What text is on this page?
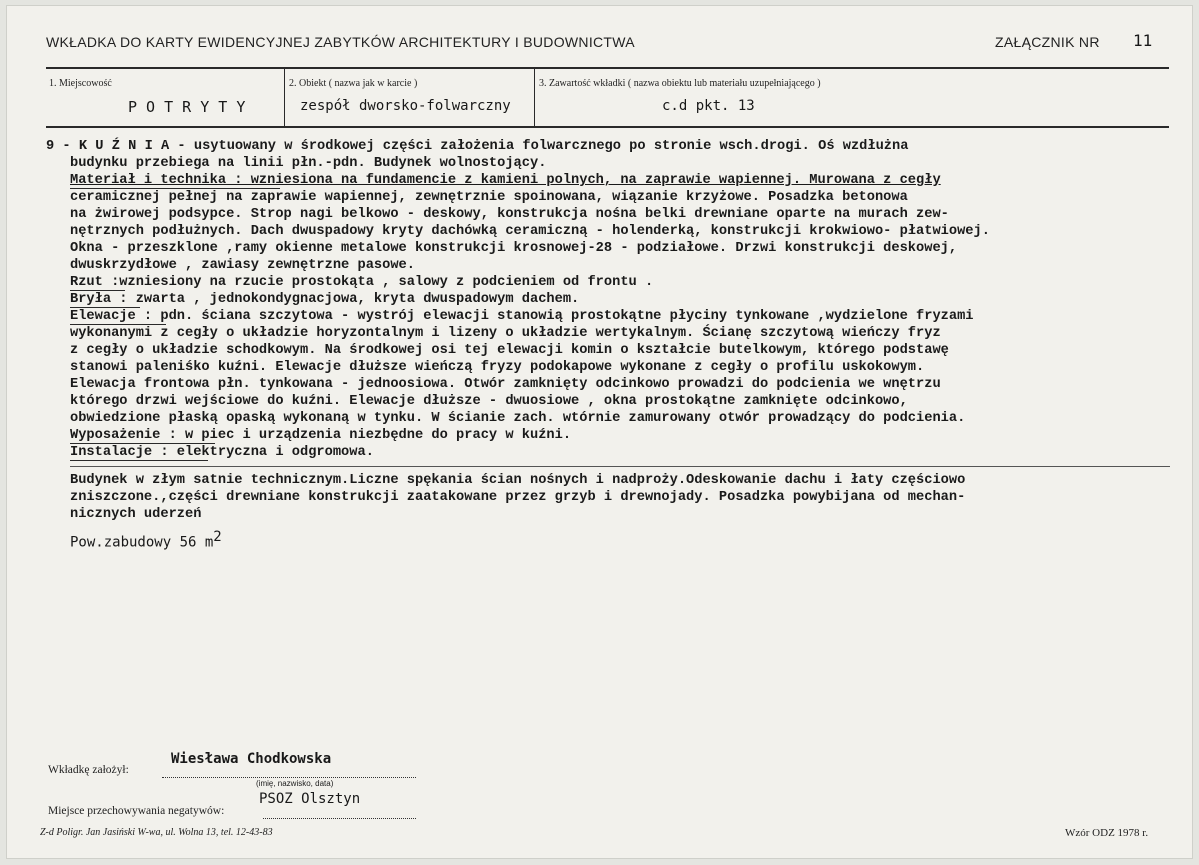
WKŁADKA DO KARTY EWIDENCYJNEJ ZABYTKÓW ARCHITEKTURY I BUDOWNICTWA	ZAŁĄCZNIK NR 11
1. Miejscowość
P O T R Y T Y
2. Obiekt ( nazwa jak w karcie )
zespół dworsko-folwarczny
3. Zawartość wkładki ( nazwa obiektu lub materiału uzupełniającego )
c.d pkt. 13
9 - K U Ź N I A - usytuowany w środkowej części założenia folwarcznego po stronie wsch.drogi. Oś wzdłużna
budynku przebiega na linii płn.-pdn. Budynek wolnostojący.
Materiał i technika : wzniesiona na fundamencie z kamieni polnych, na zaprawie wapiennej. Murowana z cegły
ceramicznej pełnej na zaprawie wapiennej, zewnętrznie spoinowana, wiązanie krzyżowe. Posadzka betonowa
na żwirowej podsypce. Strop nagi belkowo - deskowy, konstrukcja nośna belki drewniane oparte na murach zew-
nętrznych podłużnych. Dach dwuspadowy kryty dachówką ceramiczną - holenderką, konstrukcji krokwiowo- płatwiowej.
Okna - przeszklone ,ramy okienne metalowe konstrukcji krosnowej-28 - podziałowe. Drzwi konstrukcji deskowej,
dwuskrzydłowe , zawiasy zewnętrzne pasowe.
Rzut :wzniesiony na rzucie prostokąta , salowy z podcieniem od frontu .
Bryła : zwarta , jednokondygnacjowa, kryta dwuspadowym dachem.
Elewacje : pdn. ściana szczytowa - wystrój elewacji stanowią prostokątne płyciny tynkowane ,wydzielone fryzami
wykonanymi z cegły o układzie horyzontalnym i lizeny o układzie wertykalnym. Ścianę szczytową wieńczy fryz
z cegły o układzie schodkowym. Na środkowej osi tej elewacji komin o kształcie butelkowym, którego podstawę
stanowi paleniśko kuźni. Elewacje dłuższe wieńczą fryzy podokapowe wykonane z cegły o profilu uskokowym.
Elewacja frontowa płn. tynkowana - jednoosiowa. Otwór zamknięty odcinkowo prowadzi do podcienia we wnętrzu
którego drzwi wejściowe do kuźni. Elewacje dłuższe - dwuosiowe , okna prostokątne zamknięte odcinkowo,
obwiedzione płaską opaską wykonaną w tynku. W ścianie zach. wtórnie zamurowany otwór prowadzący do podcienia.
Wyposażenie : w piec i urządzenia niezbędne do pracy w kuźni.
Instalacje : elektryczna i odgromowa.
Budynek w złym satnie technicznym.Liczne spękania ścian nośnych i nadproży.Odeskowanie dachu i łaty częściowo
zniszczone.,części drewniane konstrukcji zaatakowane przez grzyb i drewnojady. Posadzka powybijana od mechan-
nicznych uderzeń
Pow.zabudowy 56 $m^2$
Wiesława Chodkowska
Wkładkę założył:
(imię, nazwisko, data)
PSOZ Olsztyn
Miejsce przechowywania negatywów:
Z-d Poligr. Jan Jasiński W-wa, ul. Wolna 13, tel. 12-43-83	Wzór ODZ 1978 r.
